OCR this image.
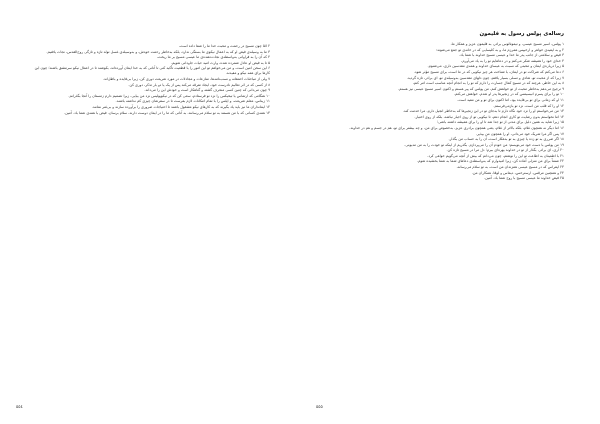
۲ امّا چون مسیح در رحمت و محبت خدا ما را شفا داده است،

۳ ما به وسیله‌ی فیض او که به اعمال نیکوی ما بستگی ندارد، بلکه به‌خاطر رحمت خودش، و به‌وسیله‌ی غسل تولد تازه و تازگی روح‌القدس، نجات یافتیم.

۴ که آن را به فراوانی به‌واسطه‌ی نجات‌دهنده‌ی ما عیسی مسیح بر ما ریخت،

۵ تا به فیض او عادل شمرده شده، وارث امید حیات جاودانی شویم.

۶ این سخن امین است، و من می‌خواهم تو این امور را با قطعیت تأکید کنی تا آنانی که به خدا ایمان آورده‌اند، بکوشند تا در اعمال نیکو سرمشق باشند؛ چون این کارها برای همه نیکو و مفیدند.

۷ ولی از مباحثات احمقانه و نسب‌نامه‌ها، منازعات و مجادلات در مورد شریعت دوری کن، زیرا بی‌فایده و باطل‌اند.

۸ از کسی که در اثر تعالیم نادرست خود، ایجاد تفرقه می‌کند پس از یک یا دو بار تذکر، دوری کن.

۹ چون می‌دانی که چنین کسی منحرف گشته و گناهکار است و خودش این را می‌داند.

۱۰ هنگامی که ارتماس یا تیخیکس را نزد تو فرستادم، سعی کن که در نیکوپولیس نزد من بیایی، زیرا تصمیم دارم زمستان را آنجا بگذرانم.

۱۱ زیناس، معلم شریعت، و اپلس را با تمام امکانات لازم بفرست تا در سفرشان چیزی کم نداشته باشند.

۱۲ ایمانداران ما نیز باید یاد بگیرند که به کارهای نیکو مشغول باشند تا احتیاجات ضروری را برآورده سازند و بی‌ثمر نمانند.

۱۳ همه‌ی کسانی که با من هستند به تو سلام می‌رسانند. به آنانی که ما را در ایمان دوست دارند، سلام برسان. فیض با همه‌ی شما باد. آمین.

٥٥٤
رساله‌ی پولس رسول به فلیمون

۱ پولس، اسیر مسیح عیسی، و تیموتائوس برادر، به فلیمون عزیز و همکار ما،

۲ و به اپفیه‌ی خواهر و ارخیپس همرزم ما، و به کلیسایی که در خانه‌ی تو جمع می‌شوند:

۳ فیض و سلامتی از جانب پدر ما خدا و عیسی مسیح خداوند با شما باد.

۴ خدای خود را همیشه شکر می‌کنم و در دعاهایم تو را به یاد می‌آورم،

۵ زیرا درباره‌ی ایمان و محبتی که نسبت به عیسای خداوند و همه‌ی مقدسین داری، می‌شنوم.

۶ دعا می‌کنم که شراکت تو در ایمان، با شناخت هر چیز نیکویی که در ما است، برای مسیح مؤثر شود.

۷ زیرا که از محبت تو، شادی و تسلی بسیار یافتم، چون دلهای مقدسین به‌وسیله‌ی تو، ای برادر، تازه گردید.

۸ به این خاطر، هرچند که در مسیح کمال جسارت را دارم که تو را به انجام آنچه مناسب است امر کنم،

۹ ترجیح می‌دهم به‌خاطر محبت از تو خواهش کنم، من پولس که پیر هستم و اکنون اسیر مسیح عیسی نیز هستم.

۱۰ تو را برای پسرم انیسیمس که در زنجیرها پدر او شدم، خواهش می‌کنم.

۱۱ او که زمانی برای تو بی‌فایده بود، اما اکنون برای تو و من مفید است.

۱۲ او را که قلب من است، نزد تو بازمی‌فرستم.

۱۳ من می‌خواستم او را نزد خود نگاه دارم تا به‌جای تو در این زنجیرها که به‌خاطر انجیل دارم، مرا خدمت کند.

۱۴ اما نخواستم بدون رضایت تو کاری انجام دهم، تا نیکویی تو از روی اجبار نباشد، بلکه از روی اختیار.

۱۵ زیرا شاید به همین دلیل برای مدتی از تو جدا شد تا او را برای همیشه داشته باشی؛

۱۶ اما دیگر نه همچون غلام، بلکه بالاتر از غلام، یعنی همچون برادری عزیز، به‌خصوص برای من، و چه بیشتر برای تو، هم در جسم و هم در خداوند.

۱۷ پس اگر مرا شریک خود می‌دانی، او را همچون من بپذیر.

۱۸ اگر ضرری به تو زده یا چیزی به تو بدهکار است، آن را به حساب من بگذار.

۱۹ من پولس با دست خود می‌نویسم: من خودم آن را می‌پردازم. بگذریم از اینکه تو خودت را به من مدیونی.

۲۰ آری، ای برادر، بگذار از تو در خداوند بهره‌ای ببرم؛ دل مرا در مسیح تازه کن.

۲۱ با اطمینان به اطاعت تو این را نوشتم، چون می‌دانم که بیش از آنچه می‌گویم خواهی کرد.

۲۲ ضمناً برای من منزلی آماده کن، زیرا امیدوارم که به‌واسطه‌ی دعاهای شما به شما بخشیده شوم.

۲۳ اپفراس که در مسیح عیسی همزندان من است، به تو سلام می‌رساند،

۲۴ و همچنین مرقس، ارسترخس، دیماس و لوقا، همکاران من.

۲۵ فیض خداوند ما عیسی مسیح با روح شما باد. آمین.

٥٥٥
